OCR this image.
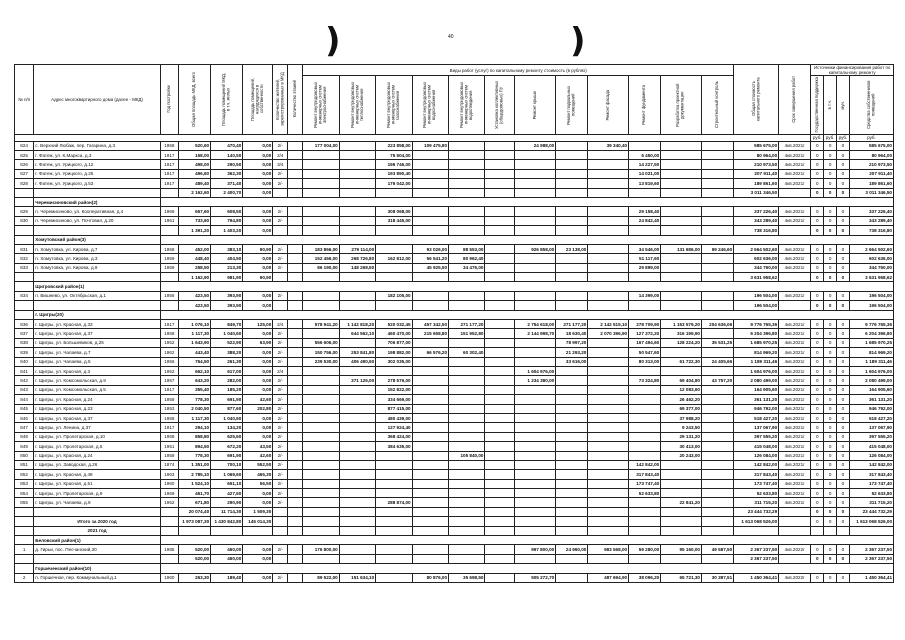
)	40	)
№ п/п	Адрес многоквартирного дома (далее - МКД)	Год постройки	Общая площадь МКД, всего	Площадь помещений МКД, в т.ч. жилых	Площадь помещений, находящихся в собственности	Количество жителей, зарегистрированных в МКД	Количество этажей	Виды работ (услуг) по капитальному ремонту стоимость (в рублях)												Общая стоимость капитального ремонта	Срок завершения работ	Источники финансирования работ по капитальному ремонту			
								Ремонт внутридомовых инженерных систем электроснабжения	Ремонт внутридомовых инженерных систем теплоснабжения	Ремонт внутридомовых инженерных систем газоснабжения	Ремонт внутридомовых инженерных систем водоснабжения	Ремонт внутридомовых инженерных систем водоотведения	Установка коллективных (общедомовых) ПУ	Ремонт крыши	Ремонт подвальных помещений	Ремонт фасада	Ремонт фундамента	Разработка проектной документации	Строительный контроль			Государственная поддержка	в т.ч.	мун.	Средства собственников помещений
																						руб.	руб.	руб.	руб.
824	с. Верхний Любаж, пер. Гагарина, д.3	1958	520,60	470,40	0,00	2/-		177 004,00		223 858,00	109 475,80			24 988,00		39 340,40				585 675,00	4кв.2021г	0	0	0	585 675,00
825	г. Фатеж, ул. К.Маркса, д.3	1917	158,00	140,50	0,00	2/4				75 504,00							5 450,00			80 964,00	4кв.2021г	0	0	0	80 964,00
826	г. Фатеж, ул. Урицкого, д.12	1917	498,00	290,50	0,00	3/4				196 746,00							14 227,50			210 973,50	4кв.2021г	0	0	0	210 973,50
827	г. Фатеж, ул. Урицкого, д.25	1917	496,60	362,30	0,00	2/-				193 890,40							14 021,00			207 911,40	4кв.2021г	0	0	0	207 911,40
828	г. Фатеж, ул. Урицкого, д.53	1917	489,40	371,40	0,00	2/-				176 042,00							13 819,60			189 861,60	4кв.2021г	0	0	0	189 861,60
			2 162,60	2 400,70	0,00															3 011 346,50		0	0	0	3 011 346,50
	Черемисиновский район(2)																								
829	п. Черемисиново, ул. Кооперативная, д.4	1969	657,60	608,50	0,00	2/-				308 068,00							29 158,40			337 226,40	4кв.2021г	0	0	0	337 226,40
830	п. Черемисиново, ул. Почтовая, д.20	1961	733,60	794,80	0,00	2/-				318 445,00							24 842,40			343 289,40	4кв.2021г	0	0	0	343 289,40
			1 391,20	1 403,20	0,00															738 316,80		0	0	0	738 316,80
	Хомутовский район(3)																								
831	п. Хомутовка, ул. Кирова, д.7	1958	452,00	383,10	90,90	2/-		183 866,00	279 114,00		93 026,00	88 553,00		926 858,00	23 138,00		34 546,00	131 686,00	99 246,60	2 664 502,60	4кв.2021г	0	0	0	2 664 502,60
832	п. Хомутовка, ул. Кирова, д.3	1959	448,40	404,50	0,00	2/-		152 456,00	268 726,80	162 812,00	56 541,20	80 962,40					51 117,60			602 636,00	4кв.2021г	0	0	0	602 636,00
833	п. Хомутовка, ул. Кирова, д.9	1959	258,50	213,30	0,00	2/-		86 190,00	148 268,50		45 925,50	34 476,00					29 899,00			344 760,00	4кв.2021г	0	0	0	344 760,00
			1 162,90	981,90	90,90															3 631 958,62		0	0	0	3 631 958,62
	Щигровский район(1)																								
834	п. Вишнево, ул. Октябрьская, д.1	1956	423,50	393,90	0,00	2/-				182 105,00							14 399,00			196 504,00	4кв.2021г	0	0	0	196 504,00
			423,50	393,90	0,00															196 504,00		0	0	0	196 504,00
	г. Щигры(20)																								
836	г. Щигры, ул. Красная, д.33	1917	1 076,10	849,70	125,00	2/4		578 941,20	1 142 818,20	520 032,45	457 342,50	271 177,20		2 754 618,00	271 177,20	2 142 515,10	278 709,90	1 153 579,20	204 636,06	9 776 765,36	4кв.2021г	0	0	0	9 776 765,36
837	г. Щигры, ул. Красная, д.37	1958	1 117,30	1 040,60	0,00	2/-			644 562,10	460 470,00	215 658,80	151 952,80		2 144 998,70	18 630,40	2 070 396,90	127 372,20	316 199,90		6 204 396,80	4кв.2021г	0	0	0	6 204 396,80
838	г. Щигры, ул. Большевиков, д.25	1952	1 643,90	522,90	63,90	2/-		556 606,00		706 877,00					78 997,20		167 494,60	128 224,20	35 531,25	1 685 970,25	4кв.2021г	0	0	0	1 685 970,25
839	г. Щигры, ул. Чапаева, д.7	1962	443,40	388,20	0,00	2/-		150 756,00	253 841,80	198 882,00	66 576,20	60 302,40			21 293,20		50 547,60			814 969,20	4кв.2021г	0	0	0	814 969,20
840	г. Щигры, ул. Чапаева, д.5	1956	764,50	261,30	0,00	2/-		239 530,00	406 490,50	302 035,00					33 616,00		80 313,00	61 722,30	24 405,66	1 189 311,46	4кв.2021г	0	0	0	1 189 311,46
841	г. Щигры, ул. Красная, д.3	1952	662,10	617,00	0,00	2/4								1 604 976,00						1 604 976,00	4кв.2021г	0	0	0	1 604 976,00
842	г. Щигры, ул. Комсомольская, д.9	1957	643,20	282,00	0,00	2/-			371 126,00	278 576,00				1 234 380,00			73 324,80	69 404,80	43 757,20	2 080 499,00	4кв.2021г	0	0	0	2 080 499,00
843	г. Щигры, ул. Комсомольская, д.5	1917	355,40	185,20	0,00	2/-				152 822,00								12 083,60		164 905,60	4кв.2021г	0	0	0	164 905,60
844	г. Щигры, ул. Красная, д.24	1958	778,30	691,90	42,60	2/-				334 669,00								26 462,20		361 131,20	4кв.2021г	0	0	0	361 131,20
845	г. Щигры, ул. Красная, д.23	1953	2 040,50	877,60	202,80	2/-				877 415,00								69 377,00		946 792,00	4кв.2021г	0	0	0	946 792,00
846	г. Щигры, ул. Красная, д.37	1958	1 117,30	1 040,60	0,00	2/-				480 439,00								37 988,20		518 427,20	4кв.2021г	0	0	0	518 427,20
847	г. Щигры, ул. Ленина, д.37	1917	294,10	134,20	0,00	2/-				127 924,40								9 243,50		137 067,90	4кв.2021г	0	0	0	137 067,90
848	г. Щигры, ул. Пролетарская, д.10	1958	858,80	625,60	0,00	2/-				368 424,00								29 131,20		397 555,20	4кв.2021г	0	0	0	397 555,20
849	г. Щигры, ул. Пролетарская, д.5	1951	894,50	672,20	43,50	2/-				384 635,00								30 413,00		415 048,00	4кв.2021г	0	0	0	415 048,00
850	г. Щигры, ул. Красная, д.24	1958	778,30	691,90	42,60	2/-						105 840,00						20 243,00		126 084,00	4кв.2021г	0	0	0	126 084,00
851	г. Щигры, ул. Заводская, д.26	1974	1 351,00	700,10	552,50	2/-											142 842,00			142 842,00	4кв.2021г	0	0	0	142 842,00
852	г. Щигры, ул. Красная, д.48	1963	2 785,10	1 069,60	465,30	2/-											317 843,40			317 843,40	4кв.2021г	0	0	0	317 843,40
853	г. Щигры, ул. Красная, д.51	1960	1 524,10	651,10	56,50	2/-											173 747,40			173 747,40	4кв.2021г	0	0	0	173 747,40
854	г. Щигры, ул. Пролетарская, д.9	1959	461,70	427,60	0,00	2/-											52 633,80			52 633,80	4кв.2021г	0	0	0	52 633,80
855	г. Щигры, ул. Чапаева, д.9	1952	671,80	290,90	0,00	2/-				288 874,00								22 841,20		311 715,20	4кв.2021г	0	0	0	311 715,20
			20 074,40	11 714,30	1 509,30															23 444 732,29		0	0	0	23 444 732,29
	Итого за 2020 год		1 973 087,30	1 430 842,80	145 014,30															1 613 068 526,00		0	0	0	1 613 068 526,00
	2021 год																								
	Беловский район(1)																								
1	д. Гирьи, пос. Песчанский,30	1985	520,00	460,00	0,00	2/-		176 800,00						997 800,00	24 960,00	983 568,00	59 280,00	95 160,00	49 587,50	2 367 237,50	4кв.2022г	0	0	0	2 367 237,50
			520,00	460,00	0,00															2 367 237,50		0	0	0	2 367 237,50
	Горшеченский район(10)																								
2	п. Горшечное, пер. Коммунальный,д.1	1960	263,30	189,40	0,00	2/-		89 522,00	151 634,10		80 876,00	35 698,50		505 272,70		487 694,90	38 096,20	65 721,30	30 387,51	1 450 364,41	4кв.2022г	0	0	0	1 450 364,41
